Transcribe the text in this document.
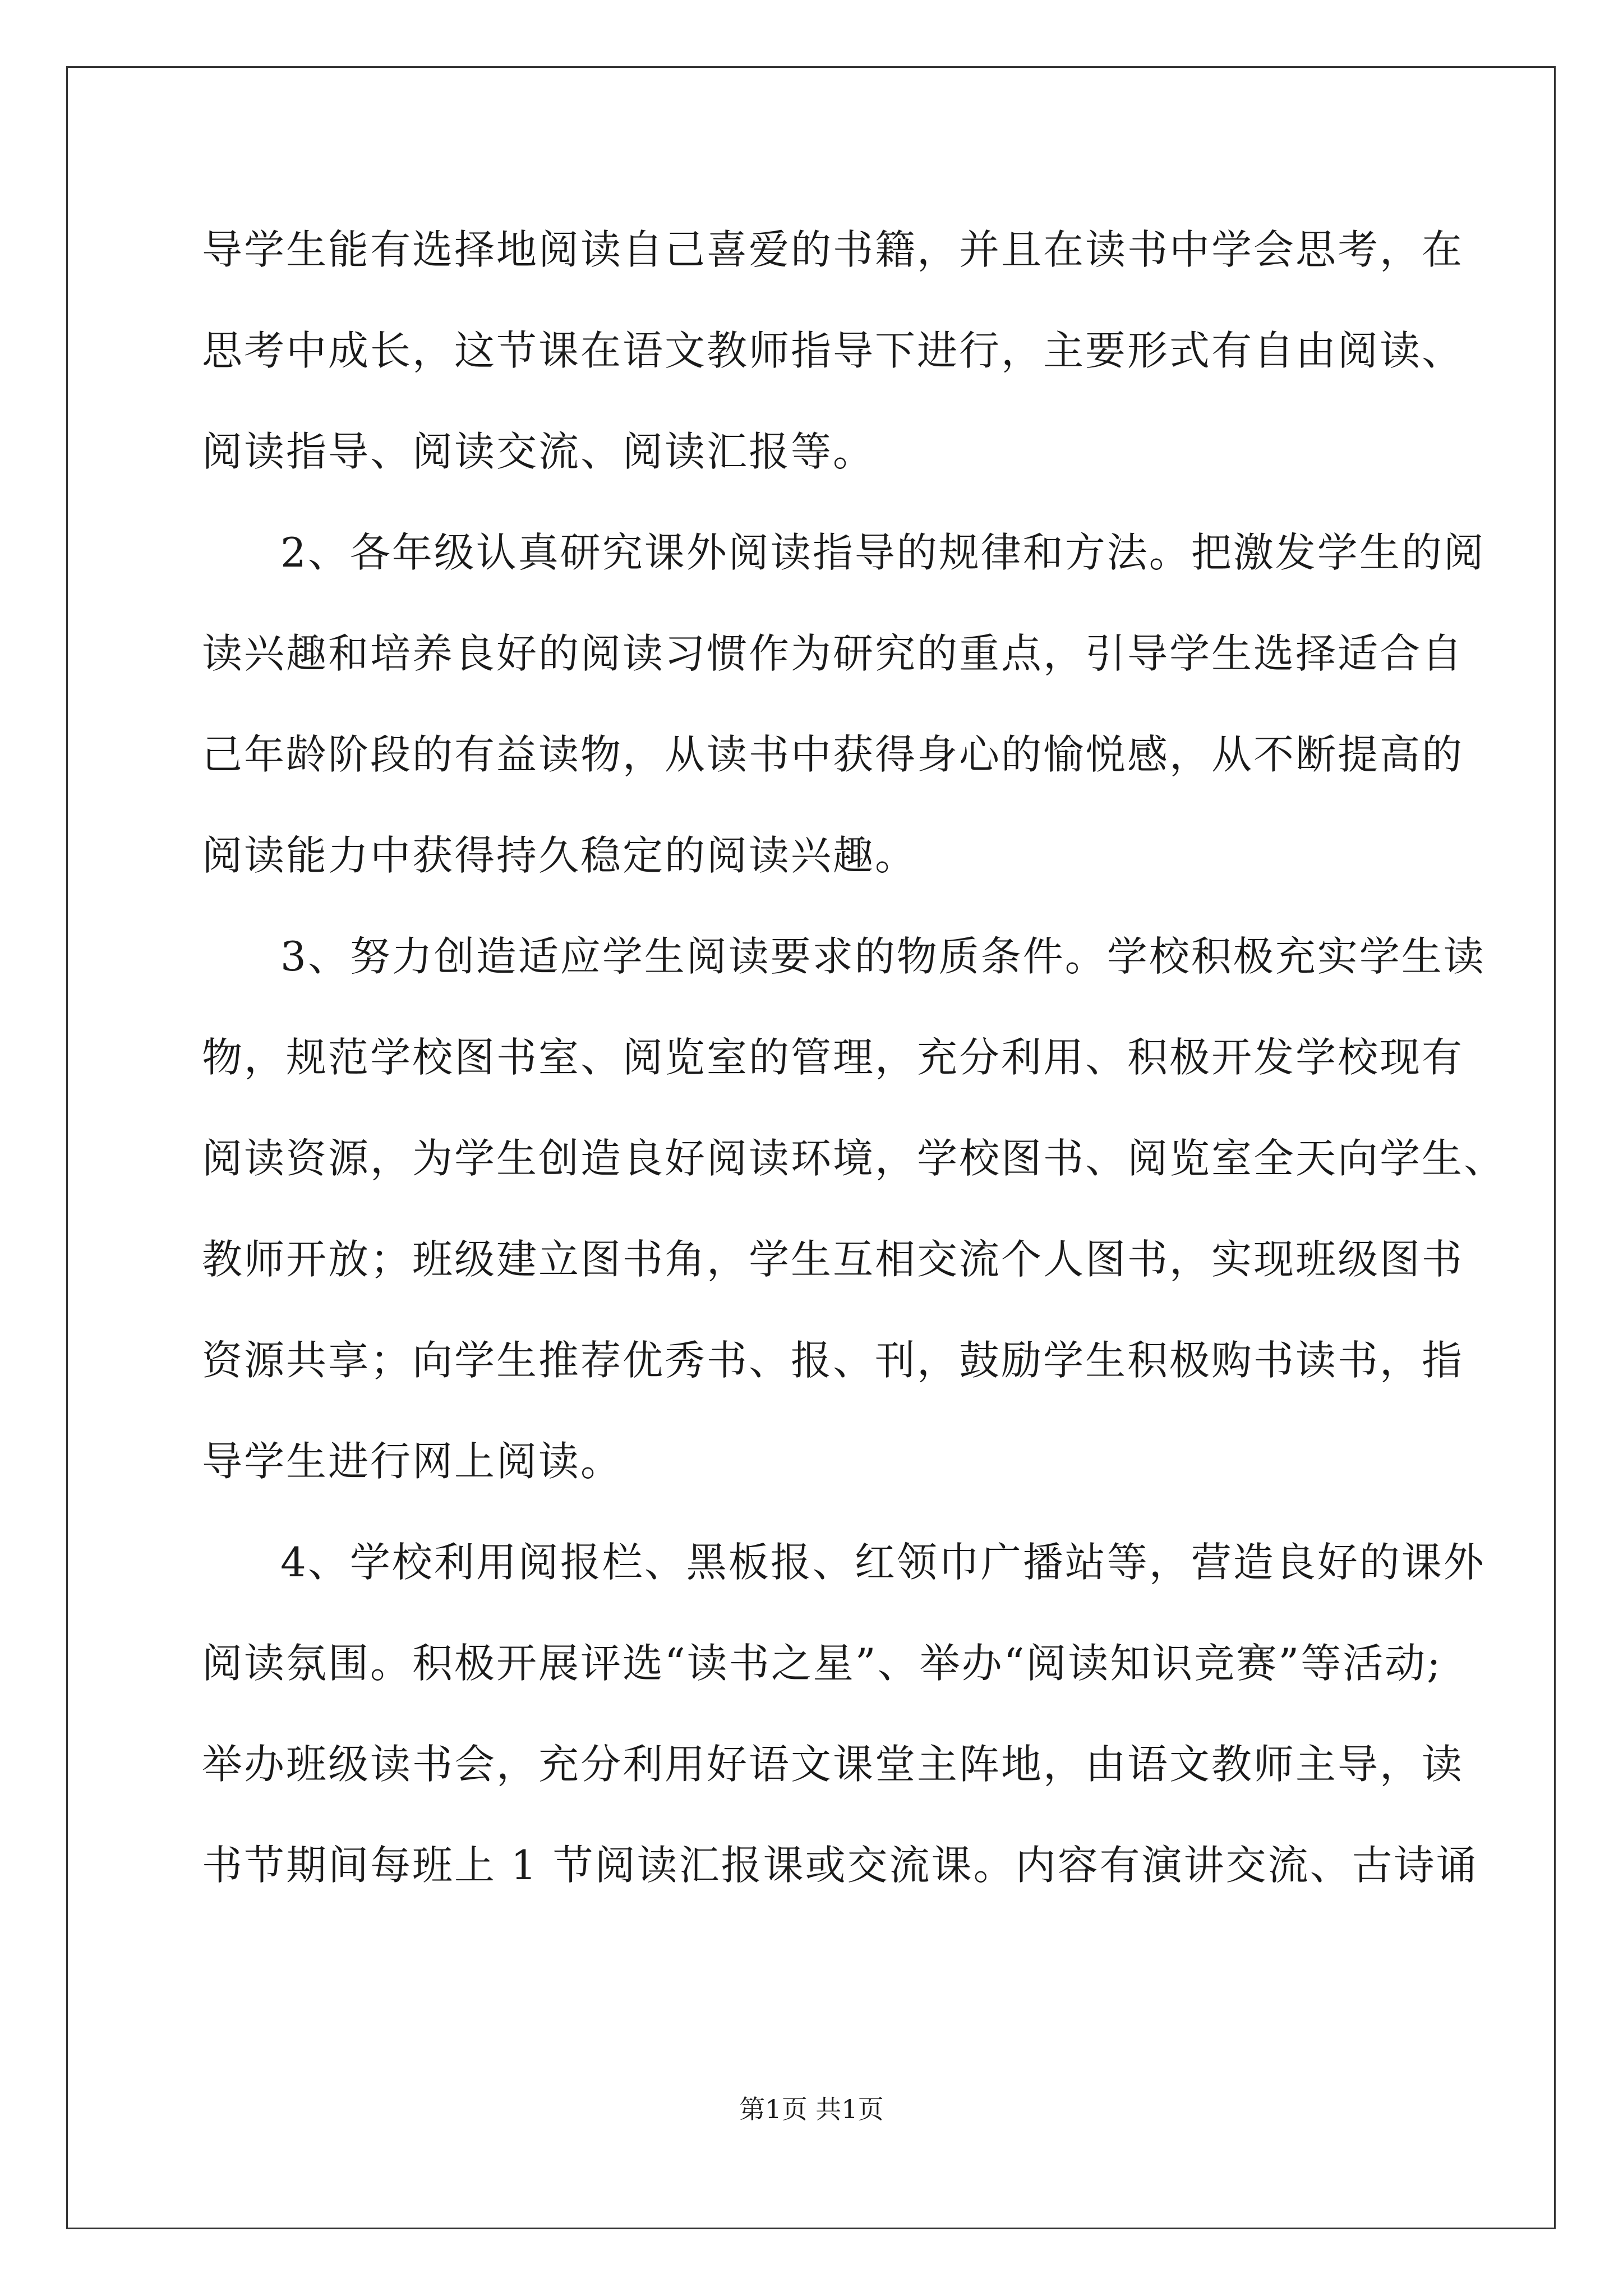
导学生能有选择地阅读自己喜爱的书籍，并且在读书中学会思考，在
思考中成长，这节课在语文教师指导下进行，主要形式有自由阅读、
阅读指导、阅读交流、阅读汇报等。
2、各年级认真研究课外阅读指导的规律和方法。把激发学生的阅
读兴趣和培养良好的阅读习惯作为研究的重点，引导学生选择适合自
己年龄阶段的有益读物，从读书中获得身心的愉悦感，从不断提高的
阅读能力中获得持久稳定的阅读兴趣。
3、努力创造适应学生阅读要求的物质条件。学校积极充实学生读
物，规范学校图书室、阅览室的管理，充分利用、积极开发学校现有
阅读资源，为学生创造良好阅读环境，学校图书、阅览室全天向学生、
教师开放；班级建立图书角，学生互相交流个人图书，实现班级图书
资源共享；向学生推荐优秀书、报、刊，鼓励学生积极购书读书，指
导学生进行网上阅读。
4、学校利用阅报栏、黑板报、红领巾广播站等，营造良好的课外
阅读氛围。积极开展评选“读书之星”、举办“阅读知识竞赛”等活动;
举办班级读书会，充分利用好语文课堂主阵地，由语文教师主导，读
书节期间每班上 1 节阅读汇报课或交流课。内容有演讲交流、古诗诵
第1页 共1页
